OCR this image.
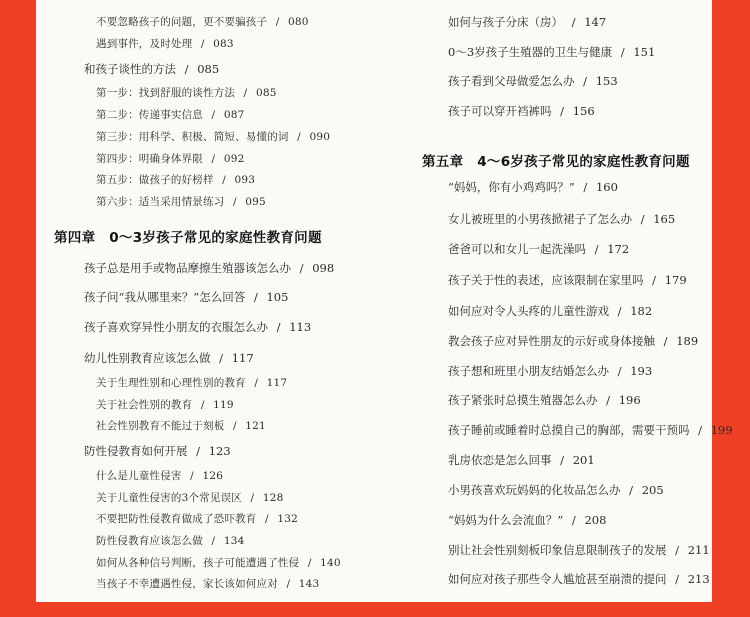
不要忽略孩子的问题，更不要骗孩子 / 080
遇到事件，及时处理 / 083
和孩子谈性的方法 / 085
第一步：找到舒服的谈性方法 / 085
第二步：传递事实信息 / 087
第三步：用科学、积极、简短、易懂的词 / 090
第四步：明确身体界限 / 092
第五步：做孩子的好榜样 / 093
第六步：适当采用情景练习 / 095
第四章　0～3岁孩子常见的家庭性教育问题
孩子总是用手或物品摩擦生殖器该怎么办 / 098
孩子问“我从哪里来？”怎么回答 / 105
孩子喜欢穿异性小朋友的衣服怎么办 / 113
幼儿性别教育应该怎么做 / 117
关于生理性别和心理性别的教育 / 117
关于社会性别的教育 / 119
社会性别教育不能过于刻板 / 121
防性侵教育如何开展 / 123
什么是儿童性侵害 / 126
关于儿童性侵害的3个常见误区 / 128
不要把防性侵教育做成了恐吓教育 / 132
防性侵教育应该怎么做 / 134
如何从各种信号判断，孩子可能遭遇了性侵 / 140
当孩子不幸遭遇性侵，家长该如何应对 / 143
如何与孩子分床（房） / 147
0～3岁孩子生殖器的卫生与健康 / 151
孩子看到父母做爱怎么办 / 153
孩子可以穿开裆裤吗 / 156
第五章　4～6岁孩子常见的家庭性教育问题
“妈妈，你有小鸡鸡吗？” / 160
女儿被班里的小男孩掀裙子了怎么办 / 165
爸爸可以和女儿一起洗澡吗 / 172
孩子关于性的表述，应该限制在家里吗 / 179
如何应对令人头疼的儿童性游戏 / 182
教会孩子应对异性朋友的示好或身体接触 / 189
孩子想和班里小朋友结婚怎么办 / 193
孩子紧张时总摸生殖器怎么办 / 196
孩子睡前或睡着时总摸自己的胸部，需要干预吗 / 199
乳房依恋是怎么回事 / 201
小男孩喜欢玩妈妈的化妆品怎么办 / 205
“妈妈为什么会流血？” / 208
别让社会性别刻板印象信息限制孩子的发展 / 211
如何应对孩子那些令人尴尬甚至崩溃的提问 / 213
